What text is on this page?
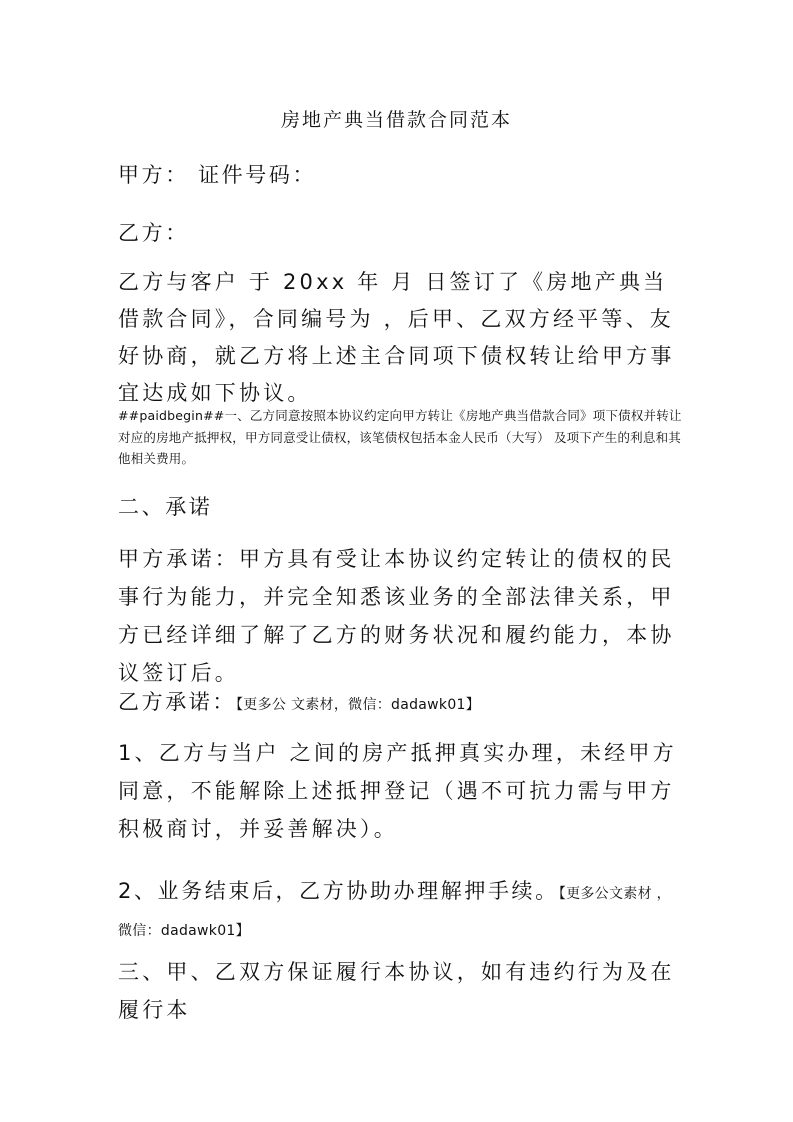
房地产典当借款合同范本
甲方： 证件号码：
乙方：
乙方与客户 于 20xx 年 月 日签订了《房地产典当借款合同》，合同编号为 ，后甲、乙双方经平等、友好协商，就乙方将上述主合同项下债权转让给甲方事宜达成如下协议。
##paidbegin##一、乙方同意按照本协议约定向甲方转让《房地产典当借款合同》项下债权并转让对应的房地产抵押权，甲方同意受让债权，该笔债权包括本金人民币（大写） 及项下产生的利息和其他相关费用。
二、承诺
甲方承诺：甲方具有受让本协议约定转让的债权的民事行为能力，并完全知悉该业务的全部法律关系，甲方已经详细了解了乙方的财务状况和履约能力，本协议签订后。
乙方承诺：【更多公 文素材，微信：dadawk01】
1、乙方与当户 之间的房产抵押真实办理，未经甲方同意，不能解除上述抵押登记（遇不可抗力需与甲方积极商讨，并妥善解决）。
2、业务结束后，乙方协助办理解押手续。【更多公文素材 ，微信：dadawk01】
三、甲、乙双方保证履行本协议，如有违约行为及在履行本
